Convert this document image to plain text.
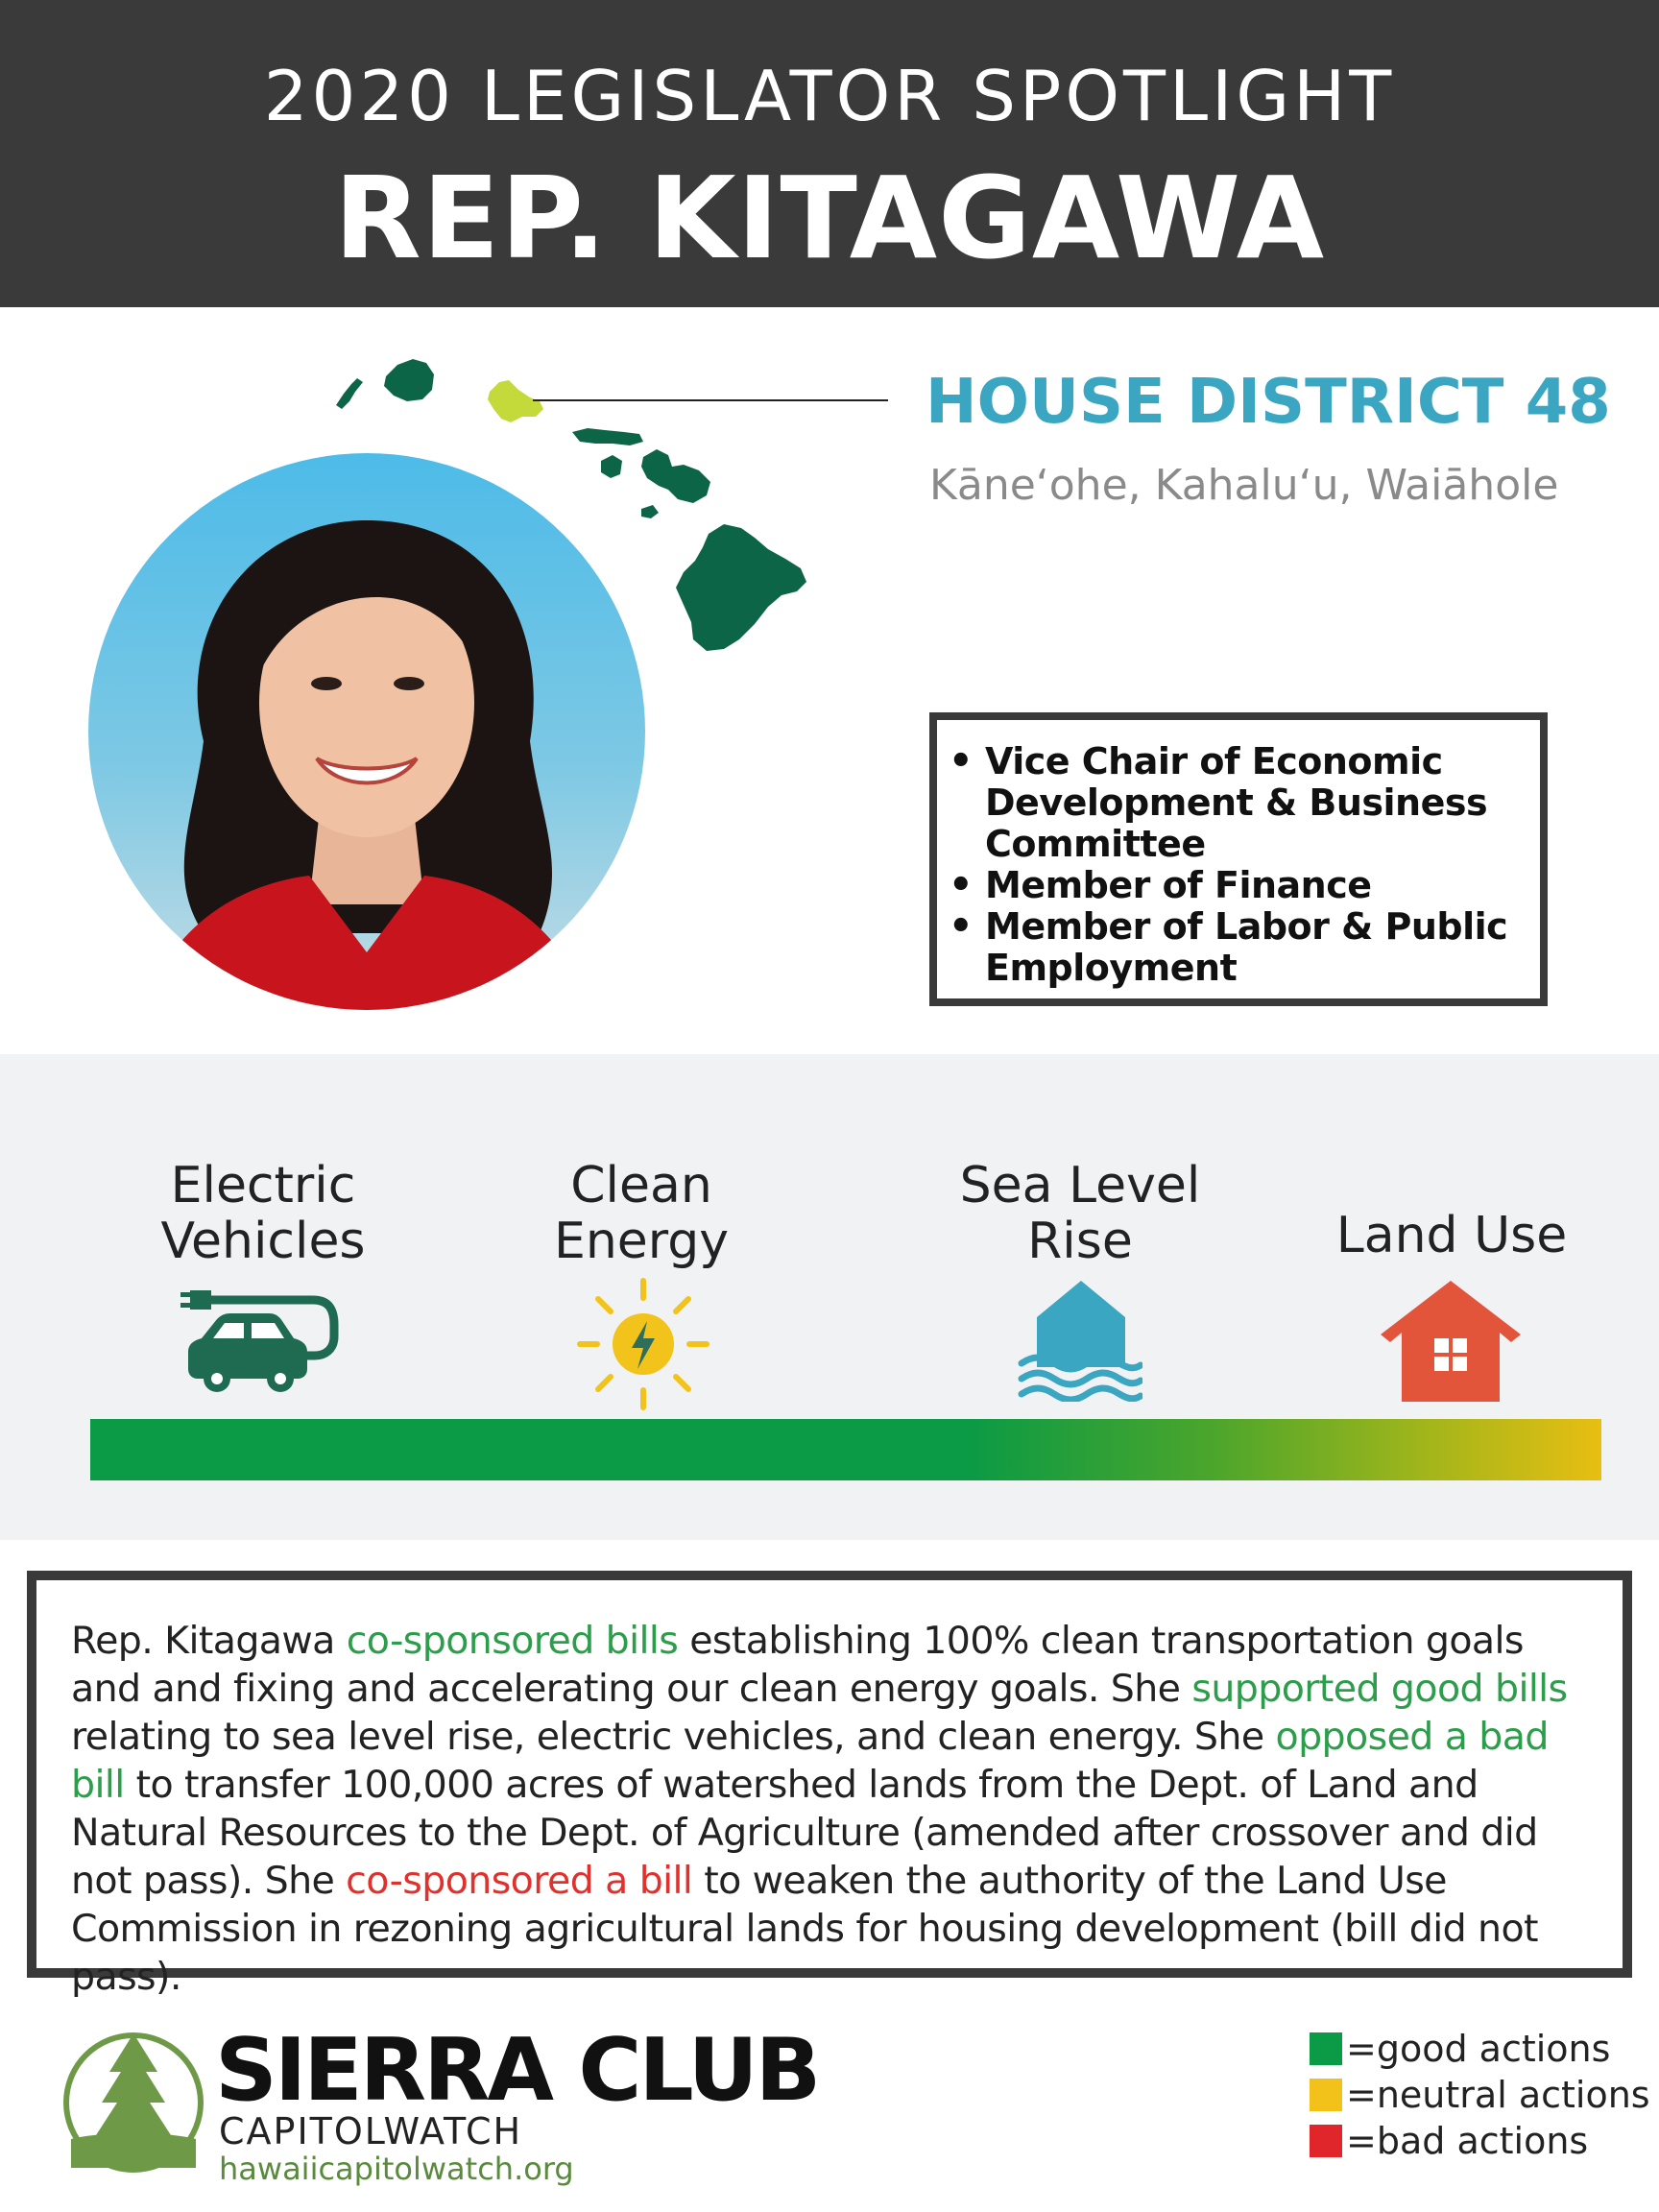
2020 LEGISLATOR SPOTLIGHT
REP. KITAGAWA
HOUSE DISTRICT 48
Kāneʻohe, Kahaluʻu, Waiāhole
• Vice Chair of Economic Development & Business Committee
• Member of Finance
• Member of Labor & Public Employment
Electric Vehicles
Clean Energy
Sea Level Rise	Land Use

Rep. Kitagawa co-sponsored bills establishing 100% clean transportation goals and and fixing and accelerating our clean energy goals. She supported good bills relating to sea level rise, electric vehicles, and clean energy. She opposed a bad bill to transfer 100,000 acres of watershed lands from the Dept. of Land and Natural Resources to the Dept. of Agriculture (amended after crossover and did not pass). She co-sponsored a bill to weaken the authority of the Land Use Commission in rezoning agricultural lands for housing development (bill did not pass).

SIERRA CLUB
CAPITOLWATCH
hawaiicapitolwatch.org
=good actions
=neutral actions
=bad actions
